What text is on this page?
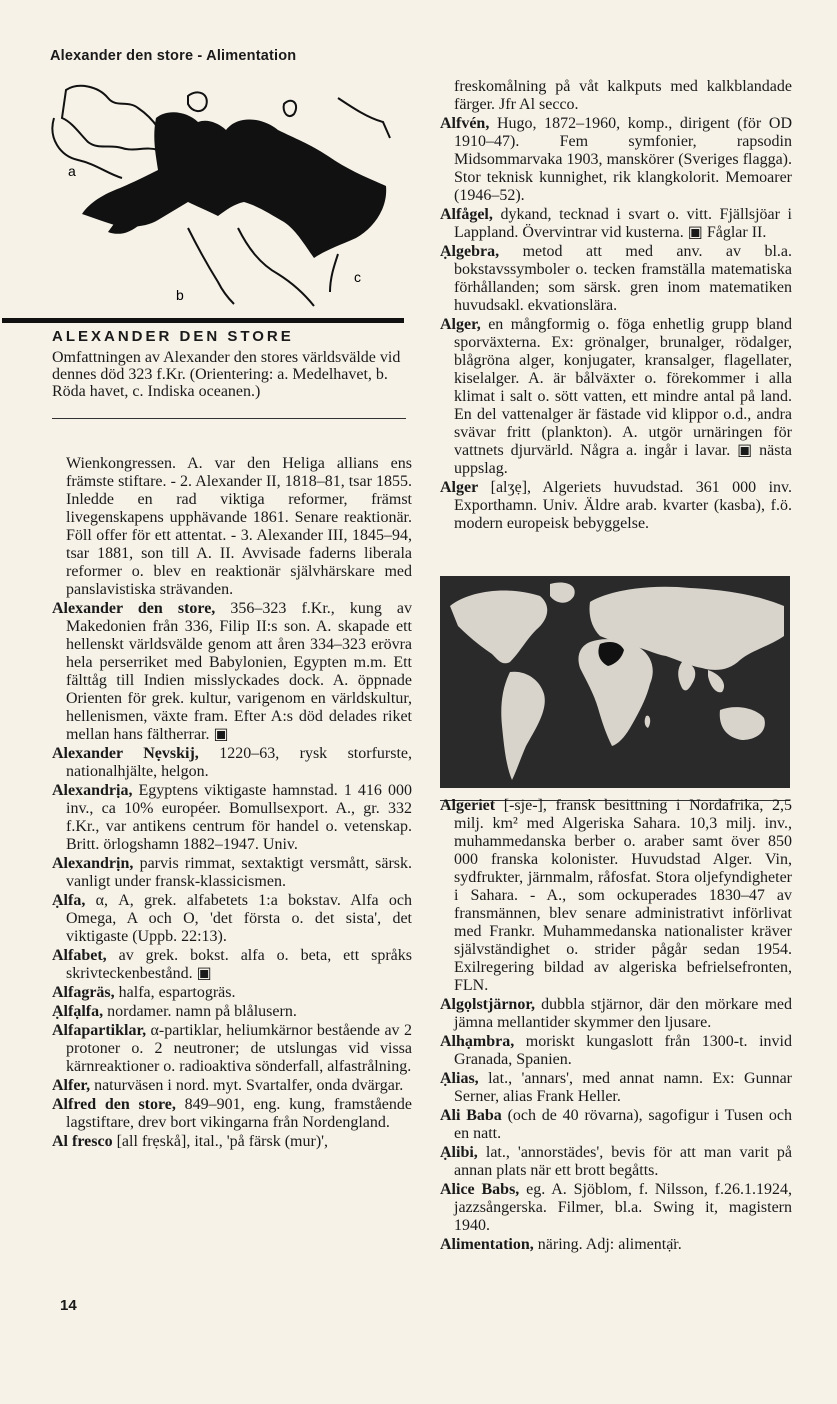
Alexander den store - Alimentation
a
b
c
ALEXANDER DEN STORE
Omfattningen av Alexander den stores världsvälde vid dennes död 323 f.Kr. (Orientering: a. Medelhavet, b. Röda havet, c. Indiska oceanen.)

Wienkongressen. A. var den Heliga allians ens främste stiftare. - 2. Alexander II, 1818–81, tsar 1855. Inledde en rad viktiga reformer, främst livegenskapens upphävande 1861. Senare reaktionär. Föll offer för ett attentat. - 3. Alexander III, 1845–94, tsar 1881, son till A. II. Avvisade faderns liberala reformer o. blev en reaktionär självhärskare med panslavistiska strävanden.

Alexander den store, 356–323 f.Kr., kung av Makedonien från 336, Filip II:s son. A. skapade ett hellenskt världsvälde genom att åren 334–323 erövra hela perserriket med Babylonien, Egypten m.m. Ett fälttåg till Indien misslyckades dock. A. öppnade Orienten för grek. kultur, varigenom en världskultur, hellenismen, växte fram. Efter A:s död delades riket mellan hans fältherrar. ▣

Alexander Nẹvskij, 1220–63, rysk storfurste, nationalhjälte, helgon.

Alexandrịa, Egyptens viktigaste hamnstad. 1 416 000 inv., ca 10% européer. Bomullsexport. A., gr. 332 f.Kr., var antikens centrum för handel o. vetenskap. Britt. örlogshamn 1882–1947. Univ.

Alexandrịn, parvis rimmat, sextaktigt versmått, särsk. vanligt under fransk-klassicismen.

Ạlfa, α, A, grek. alfabetets 1:a bokstav. Alfa och Omega, A och O, 'det första o. det sista', det viktigaste (Uppb. 22:13).

Alfabet, av grek. bokst. alfa o. beta, ett språks skrivteckenbestånd. ▣

Alfagräs, halfa, espartogräs.

Ạlfạlfa, nordamer. namn på blålusern.

Alfapartiklar, α-partiklar, heliumkärnor bestående av 2 protoner o. 2 neutroner; de utslungas vid vissa kärnreaktioner o. radioaktiva sönderfall, alfastrålning.

Alfer, naturväsen i nord. myt. Svartalfer, onda dvärgar.

Alfred den store, 849–901, eng. kung, framstående lagstiftare, drev bort vikingarna från Nordengland.

Al fresco [all frẹskå], ital., 'på färsk (mur)',

freskomålning på våt kalkputs med kalkblandade färger. Jfr Al secco.

Alfvén, Hugo, 1872–1960, komp., dirigent (för OD 1910–47). Fem symfonier, rapsodin Midsommarvaka 1903, manskörer (Sveriges flagga). Stor teknisk kunnighet, rik klangkolorit. Memoarer (1946–52).

Alfågel, dykand, tecknad i svart o. vitt. Fjällsjöar i Lappland. Övervintrar vid kusterna. ▣ Fåglar II.

Ạlgebra, metod att med anv. av bl.a. bokstavssymboler o. tecken framställa matematiska förhållanden; som särsk. gren inom matematiken huvudsakl. ekvationslära.

Alger, en mångformig o. föga enhetlig grupp bland sporväxterna. Ex: grönalger, brunalger, rödalger, blågröna alger, konjugater, kransalger, flagellater, kiselalger. A. är bålväxter o. förekommer i alla klimat i salt o. sött vatten, ett mindre antal på land. En del vattenalger är fästade vid klippor o.d., andra svävar fritt (plankton). A. utgör urnäringen för vattnets djurvärld. Några a. ingår i lavar. ▣ nästa uppslag.

Alger [alʒẹ], Algeriets huvudstad. 361 000 inv. Exporthamn. Univ. Äldre arab. kvarter (kasba), f.ö. modern europeisk bebyggelse.

Algeriet [-sje-], fransk besittning i Nordafrika, 2,5 milj. km² med Algeriska Sahara. 10,3 milj. inv., muhammedanska berber o. araber samt över 850 000 franska kolonister. Huvudstad Alger. Vin, sydfrukter, järnmalm, råfosfat. Stora oljefyndigheter i Sahara. - A., som ockuperades 1830–47 av fransmännen, blev senare administrativt införlivat med Frankr. Muhammedanska nationalister kräver självständighet o. strider pågår sedan 1954. Exilregering bildad av algeriska befrielsefronten, FLN.

Algọlstjärnor, dubbla stjärnor, där den mörkare med jämna mellantider skymmer den ljusare.

Alhạmbra, moriskt kungaslott från 1300-t. invid Granada, Spanien.

Ạlias, lat., 'annars', med annat namn. Ex: Gunnar Serner, alias Frank Heller.

Ali Baba (och de 40 rövarna), sagofigur i Tusen och en natt.

Ạlibi, lat., 'annorstädes', bevis för att man varit på annan plats när ett brott begåtts.

Alice Babs, eg. A. Sjöblom, f. Nilsson, f.26.1.1924, jazzsångerska. Filmer, bl.a. Swing it, magistern 1940.

Alimentation, näring. Adj: alimentạ̈r.

14
